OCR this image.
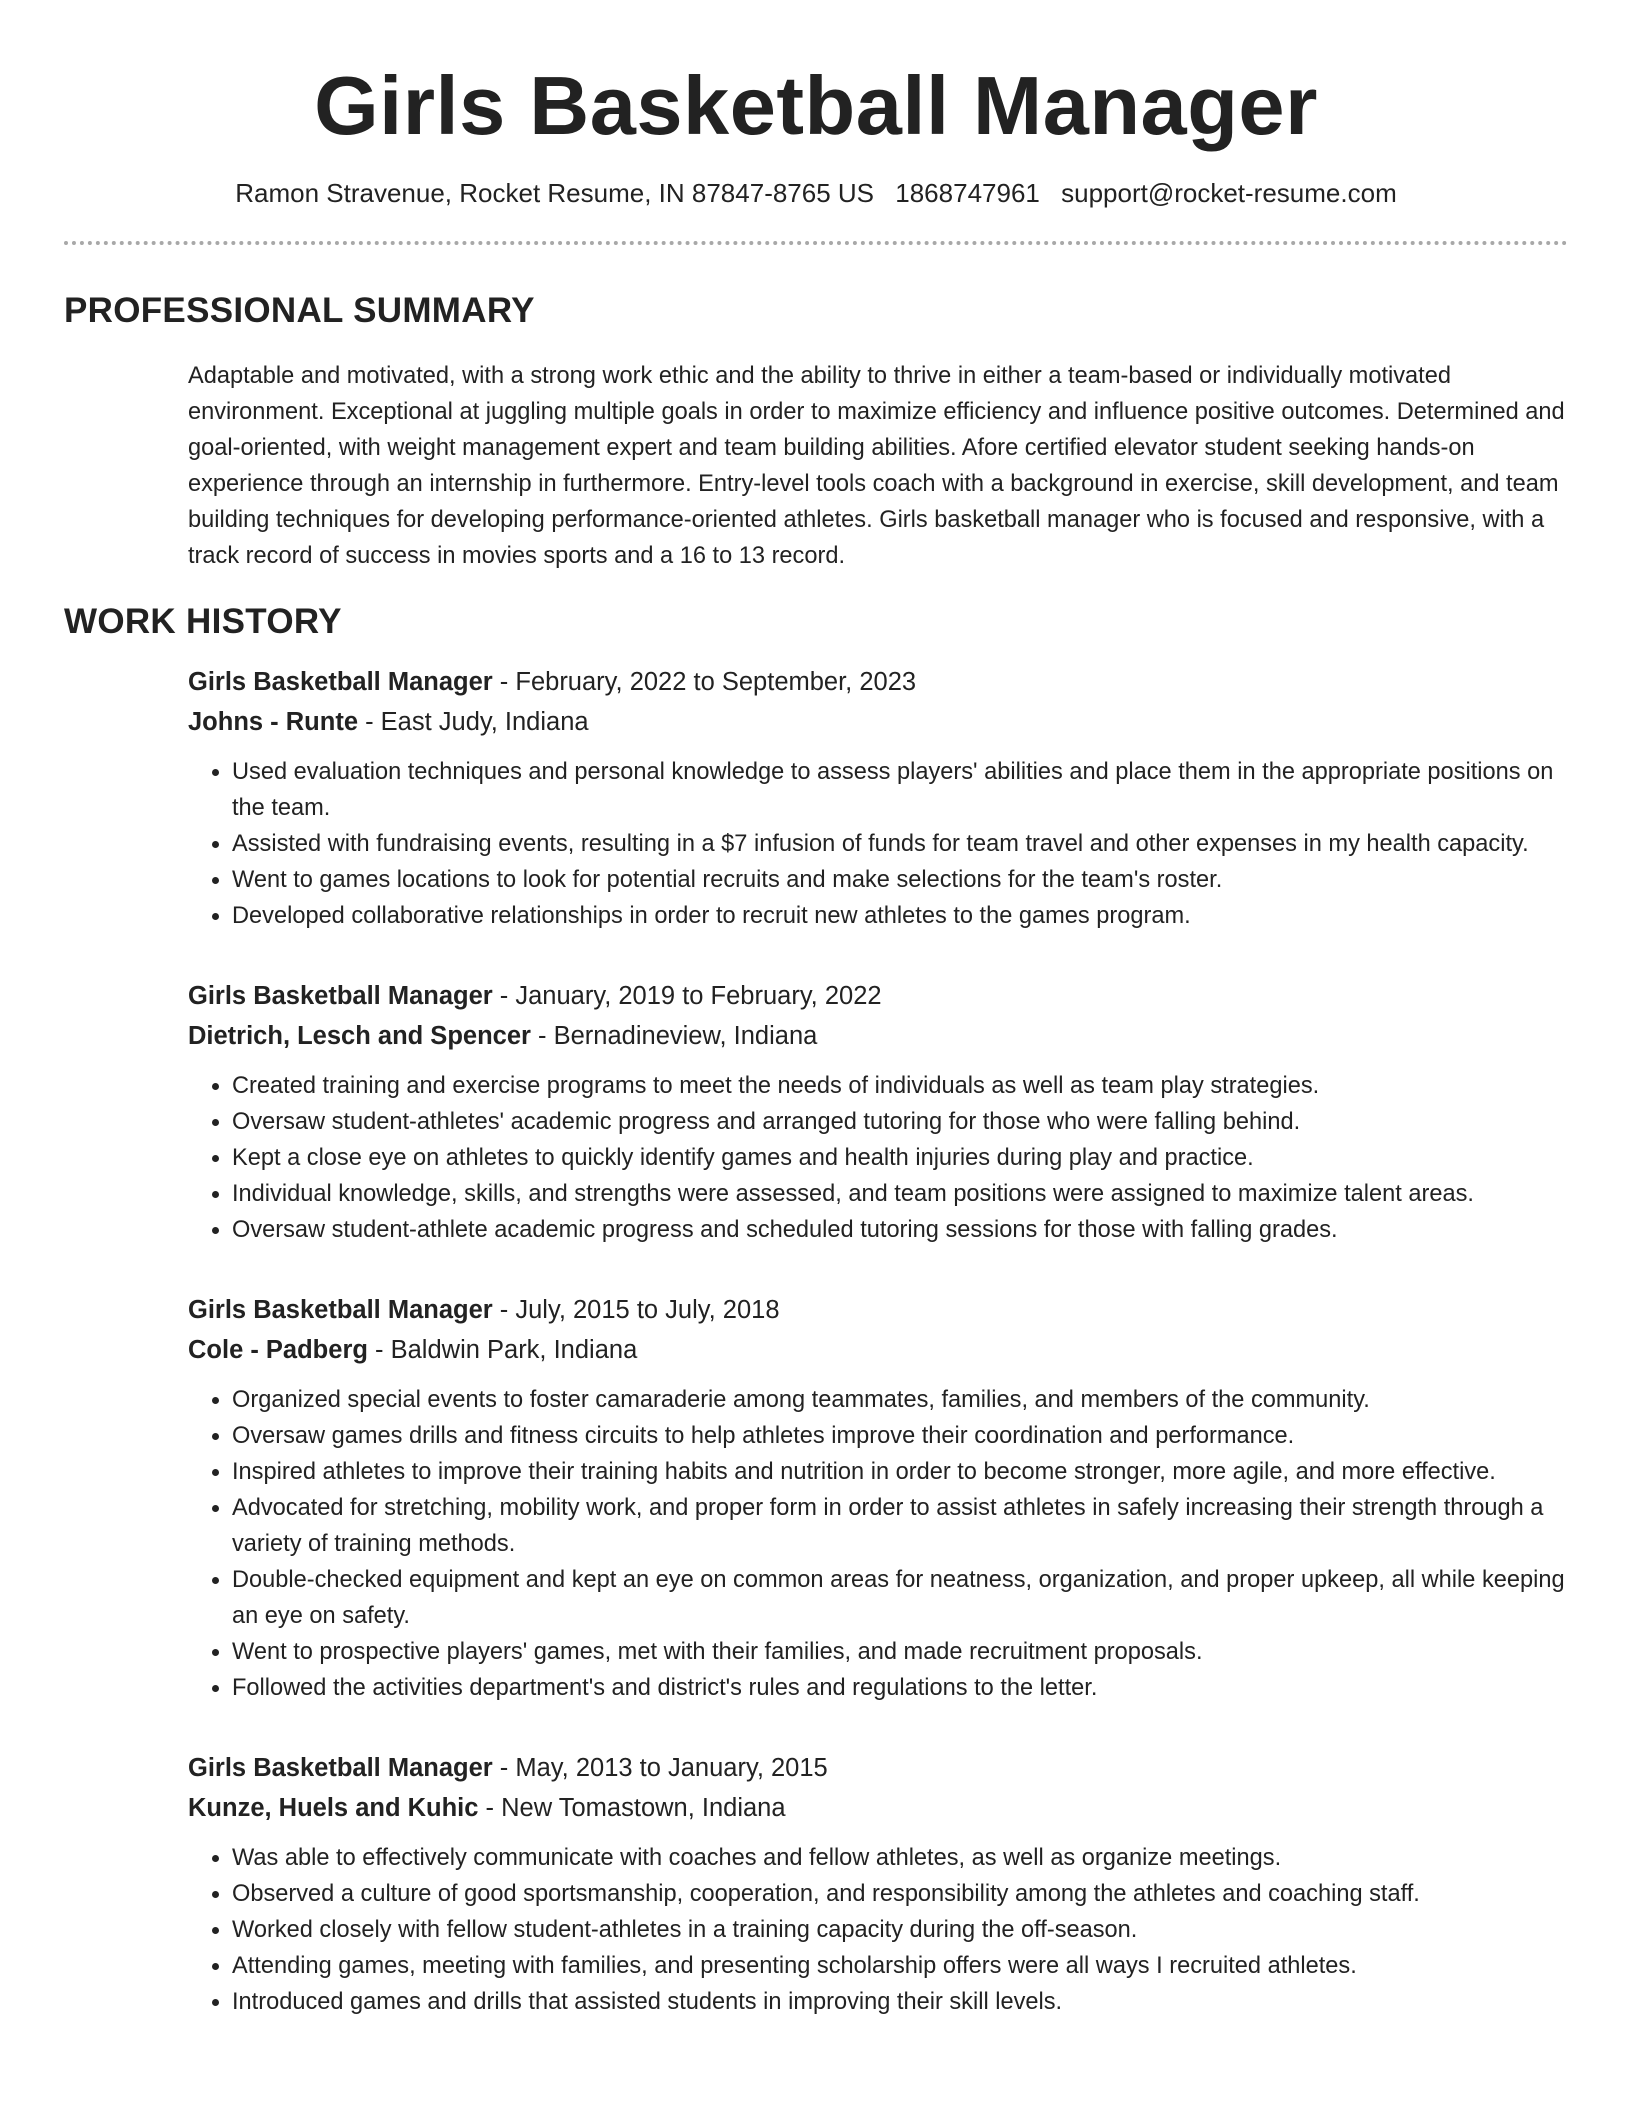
Girls Basketball Manager
Ramon Stravenue, Rocket Resume, IN 87847-8765 US 1868747961 support@rocket-resume.com
PROFESSIONAL SUMMARY

Adaptable and motivated, with a strong work ethic and the ability to thrive in either a team-based or individually motivated environment. Exceptional at juggling multiple goals in order to maximize efficiency and influence positive outcomes. Determined and goal-oriented, with weight management expert and team building abilities. Afore certified elevator student seeking hands-on experience through an internship in furthermore. Entry-level tools coach with a background in exercise, skill development, and team building techniques for developing performance-oriented athletes. Girls basketball manager who is focused and responsive, with a track record of success in movies sports and a 16 to 13 record.

WORK HISTORY

Girls Basketball Manager - February, 2022 to September, 2023

Johns - Runte - East Judy, Indiana

• Used evaluation techniques and personal knowledge to assess players' abilities and place them in the appropriate positions on the team.
• Assisted with fundraising events, resulting in a $7 infusion of funds for team travel and other expenses in my health capacity.
• Went to games locations to look for potential recruits and make selections for the team's roster.
• Developed collaborative relationships in order to recruit new athletes to the games program.

Girls Basketball Manager - January, 2019 to February, 2022

Dietrich, Lesch and Spencer - Bernadineview, Indiana

• Created training and exercise programs to meet the needs of individuals as well as team play strategies.
• Oversaw student-athletes' academic progress and arranged tutoring for those who were falling behind.
• Kept a close eye on athletes to quickly identify games and health injuries during play and practice.
• Individual knowledge, skills, and strengths were assessed, and team positions were assigned to maximize talent areas.
• Oversaw student-athlete academic progress and scheduled tutoring sessions for those with falling grades.

Girls Basketball Manager - July, 2015 to July, 2018

Cole - Padberg - Baldwin Park, Indiana

• Organized special events to foster camaraderie among teammates, families, and members of the community.
• Oversaw games drills and fitness circuits to help athletes improve their coordination and performance.
• Inspired athletes to improve their training habits and nutrition in order to become stronger, more agile, and more effective.
• Advocated for stretching, mobility work, and proper form in order to assist athletes in safely increasing their strength through a variety of training methods.
• Double-checked equipment and kept an eye on common areas for neatness, organization, and proper upkeep, all while keeping an eye on safety.
• Went to prospective players' games, met with their families, and made recruitment proposals.
• Followed the activities department's and district's rules and regulations to the letter.

Girls Basketball Manager - May, 2013 to January, 2015

Kunze, Huels and Kuhic - New Tomastown, Indiana

• Was able to effectively communicate with coaches and fellow athletes, as well as organize meetings.
• Observed a culture of good sportsmanship, cooperation, and responsibility among the athletes and coaching staff.
• Worked closely with fellow student-athletes in a training capacity during the off-season.
• Attending games, meeting with families, and presenting scholarship offers were all ways I recruited athletes.
• Introduced games and drills that assisted students in improving their skill levels.
